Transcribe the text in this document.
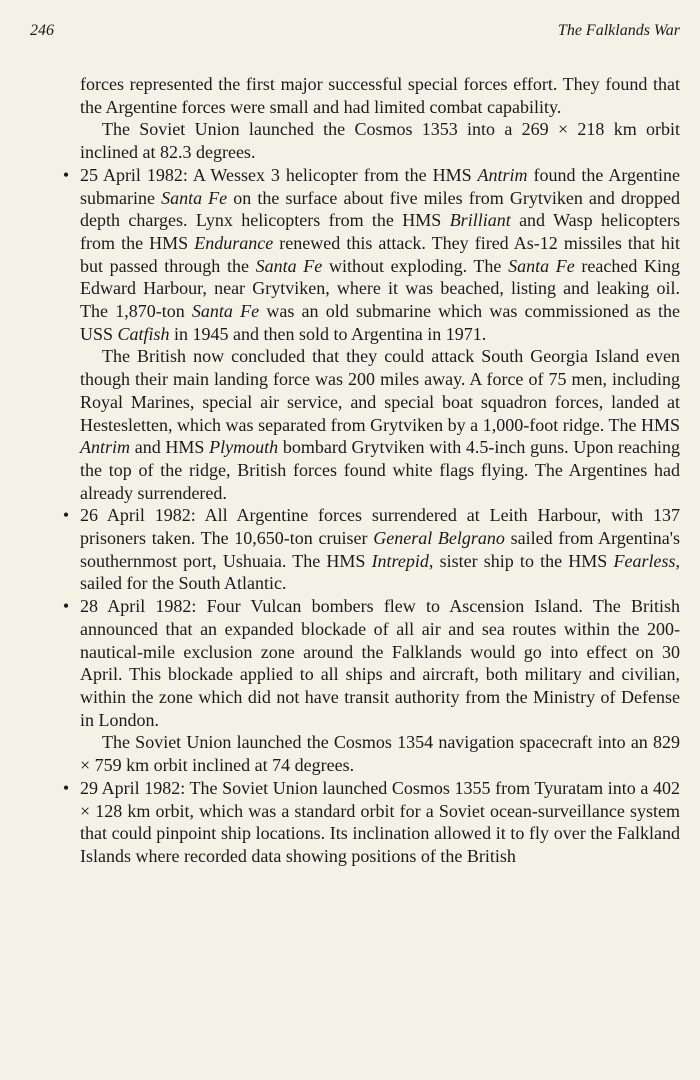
246	The Falklands War

forces represented the first major successful special forces effort. They found that the Argentine forces were small and had limited combat capability.

The Soviet Union launched the Cosmos 1353 into a 269 × 218 km orbit inclined at 82.3 degrees.

• 25 April 1982: A Wessex 3 helicopter from the HMS Antrim found the Argentine submarine Santa Fe on the surface about five miles from Grytviken and dropped depth charges. Lynx helicopters from the HMS Brilliant and Wasp helicopters from the HMS Endurance renewed this attack. They fired As-12 missiles that hit but passed through the Santa Fe without exploding. The Santa Fe reached King Edward Harbour, near Grytviken, where it was beached, listing and leaking oil. The 1,870-ton Santa Fe was an old submarine which was commissioned as the USS Catfish in 1945 and then sold to Argentina in 1971.

The British now concluded that they could attack South Georgia Island even though their main landing force was 200 miles away. A force of 75 men, including Royal Marines, special air service, and special boat squadron forces, landed at Hestesletten, which was separated from Grytviken by a 1,000-foot ridge. The HMS Antrim and HMS Plymouth bombard Grytviken with 4.5-inch guns. Upon reaching the top of the ridge, British forces found white flags flying. The Argentines had already surrendered.

• 26 April 1982: All Argentine forces surrendered at Leith Harbour, with 137 prisoners taken. The 10,650-ton cruiser General Belgrano sailed from Argentina's southernmost port, Ushuaia. The HMS Intrepid, sister ship to the HMS Fearless, sailed for the South Atlantic.

• 28 April 1982: Four Vulcan bombers flew to Ascension Island. The British announced that an expanded blockade of all air and sea routes within the 200-nautical-mile exclusion zone around the Falklands would go into effect on 30 April. This blockade applied to all ships and aircraft, both military and civilian, within the zone which did not have transit authority from the Ministry of Defense in London.

The Soviet Union launched the Cosmos 1354 navigation spacecraft into an 829 × 759 km orbit inclined at 74 degrees.

• 29 April 1982: The Soviet Union launched Cosmos 1355 from Tyuratam into a 402 × 128 km orbit, which was a standard orbit for a Soviet ocean-surveillance system that could pinpoint ship locations. Its inclination allowed it to fly over the Falkland Islands where recorded data showing positions of the British
